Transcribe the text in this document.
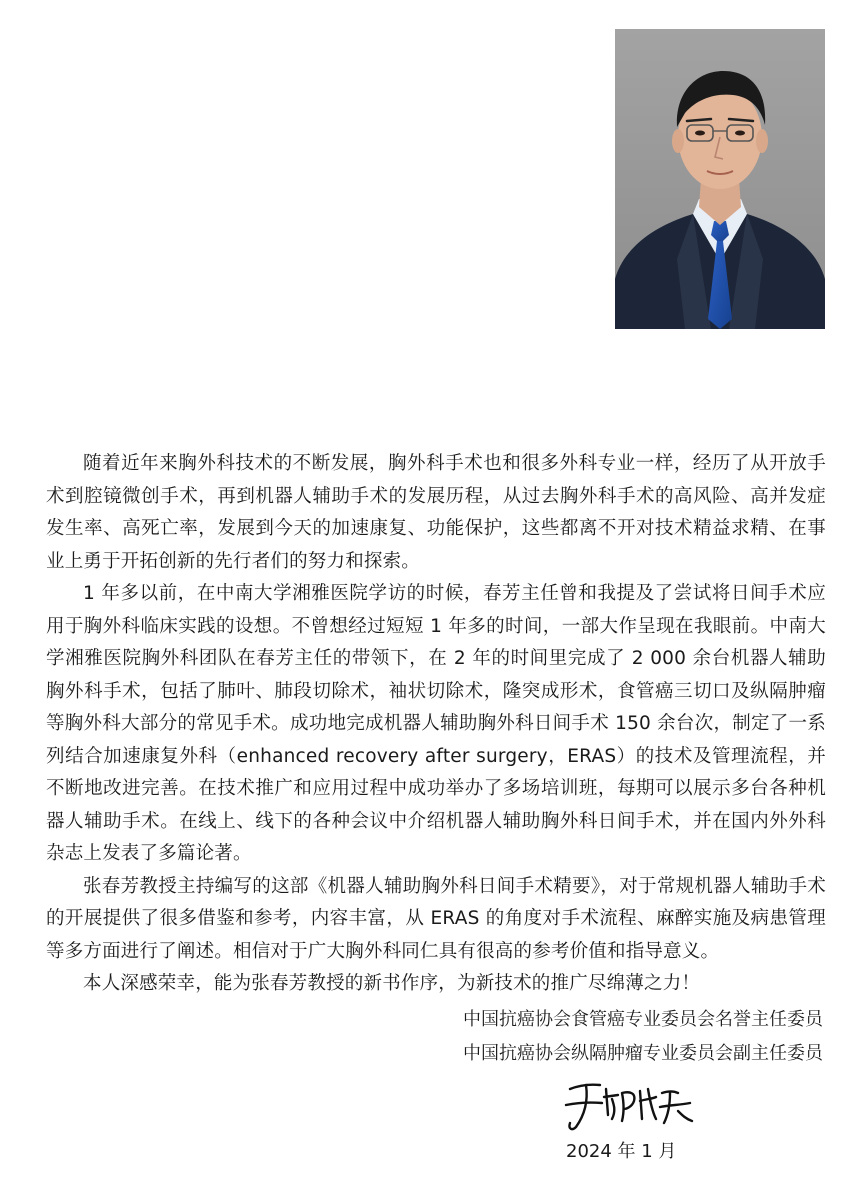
随着近年来胸外科技术的不断发展，胸外科手术也和很多外科专业一样，经历了从开放手术到腔镜微创手术，再到机器人辅助手术的发展历程，从过去胸外科手术的高风险、高并发症发生率、高死亡率，发展到今天的加速康复、功能保护，这些都离不开对技术精益求精、在事业上勇于开拓创新的先行者们的努力和探索。

1 年多以前，在中南大学湘雅医院学访的时候，春芳主任曾和我提及了尝试将日间手术应用于胸外科临床实践的设想。不曾想经过短短 1 年多的时间，一部大作呈现在我眼前。中南大学湘雅医院胸外科团队在春芳主任的带领下，在 2 年的时间里完成了 2 000 余台机器人辅助胸外科手术，包括了肺叶、肺段切除术，袖状切除术，隆突成形术，食管癌三切口及纵隔肿瘤等胸外科大部分的常见手术。成功地完成机器人辅助胸外科日间手术 150 余台次，制定了一系列结合加速康复外科（enhanced recovery after surgery，ERAS）的技术及管理流程，并不断地改进完善。在技术推广和应用过程中成功举办了多场培训班，每期可以展示多台各种机器人辅助手术。在线上、线下的各种会议中介绍机器人辅助胸外科日间手术，并在国内外外科杂志上发表了多篇论著。

张春芳教授主持编写的这部《机器人辅助胸外科日间手术精要》，对于常规机器人辅助手术的开展提供了很多借鉴和参考，内容丰富，从 ERAS 的角度对手术流程、麻醉实施及病患管理等多方面进行了阐述。相信对于广大胸外科同仁具有很高的参考价值和指导意义。

本人深感荣幸，能为张春芳教授的新书作序，为新技术的推广尽绵薄之力！

中国抗癌协会食管癌专业委员会名誉主任委员
中国抗癌协会纵隔肿瘤专业委员会副主任委员
2024 年 1 月
